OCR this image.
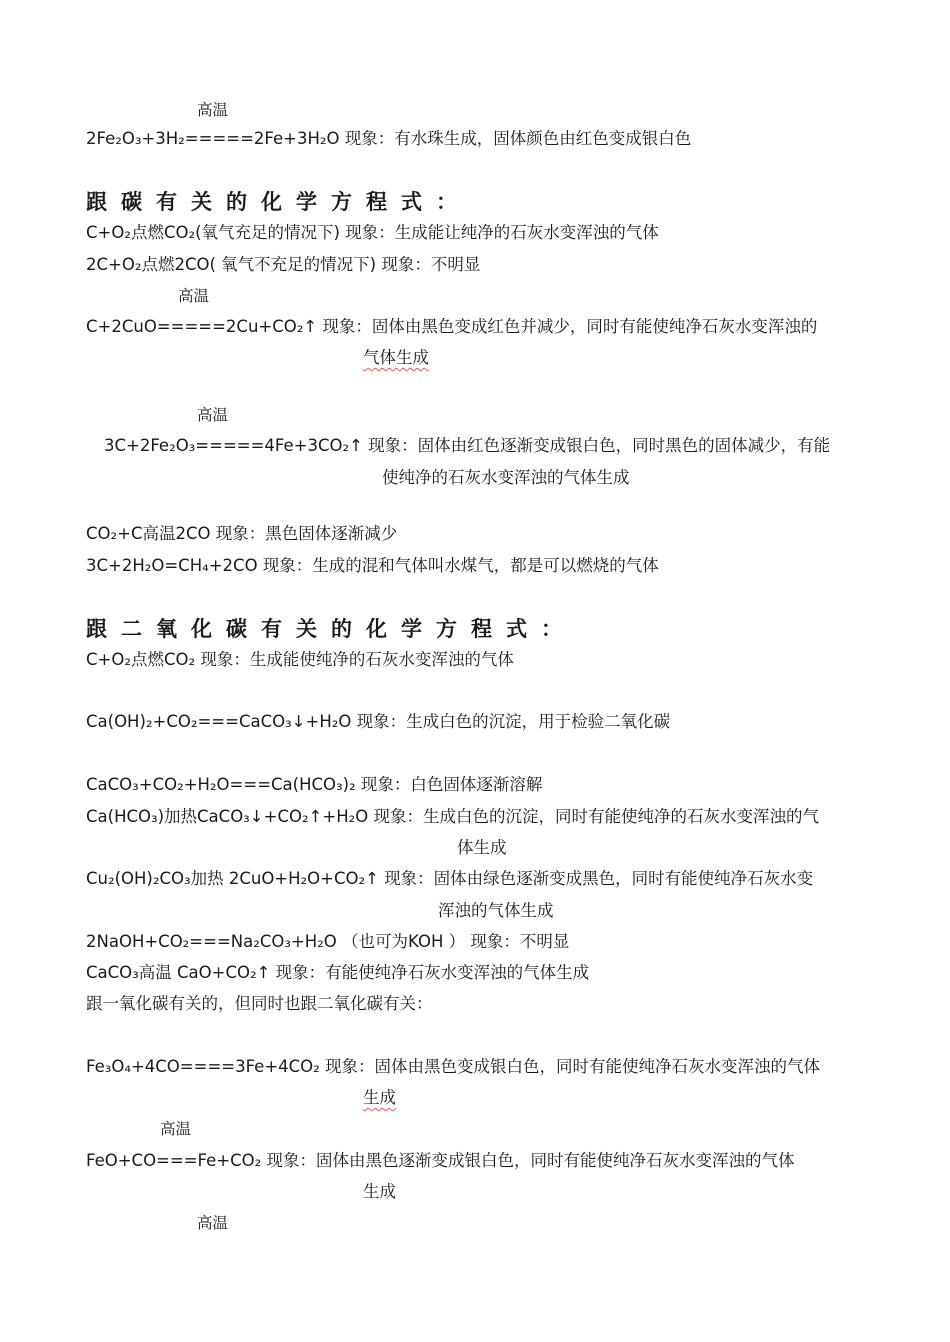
高温
2Fe₂O₃+3H₂=====2Fe+3H₂O 现象：有水珠生成，固体颜色由红色变成银白色
跟碳有关的化学方程式：
C+O₂点燃CO₂(氧气充足的情况下) 现象：生成能让纯净的石灰水变浑浊的气体
2C+O₂点燃2CO( 氧气不充足的情况下) 现象：不明显
高温
C+2CuO=====2Cu+CO₂↑ 现象：固体由黑色变成红色并减少，同时有能使纯净石灰水变浑浊的
气体生成
高温
3C+2Fe₂O₃=====4Fe+3CO₂↑ 现象：固体由红色逐渐变成银白色，同时黑色的固体减少，有能
使纯净的石灰水变浑浊的气体生成
CO₂+C高温2CO 现象：黑色固体逐渐减少
3C+2H₂O=CH₄+2CO 现象：生成的混和气体叫水煤气，都是可以燃烧的气体
跟二氧化碳有关的化学方程式：
C+O₂点燃CO₂ 现象：生成能使纯净的石灰水变浑浊的气体
Ca(OH)₂+CO₂===CaCO₃↓+H₂O 现象：生成白色的沉淀，用于检验二氧化碳
CaCO₃+CO₂+H₂O===Ca(HCO₃)₂ 现象：白色固体逐渐溶解
Ca(HCO₃)加热CaCO₃↓+CO₂↑+H₂O 现象：生成白色的沉淀，同时有能使纯净的石灰水变浑浊的气
体生成
Cu₂(OH)₂CO₃加热 2CuO+H₂O+CO₂↑ 现象：固体由绿色逐渐变成黑色，同时有能使纯净石灰水变
浑浊的气体生成
2NaOH+CO₂===Na₂CO₃+H₂O （也可为KOH ） 现象：不明显
CaCO₃高温 CaO+CO₂↑ 现象：有能使纯净石灰水变浑浊的气体生成
跟一氧化碳有关的，但同时也跟二氧化碳有关：
Fe₃O₄+4CO====3Fe+4CO₂ 现象：固体由黑色变成银白色，同时有能使纯净石灰水变浑浊的气体
生成
高温
FeO+CO===Fe+CO₂ 现象：固体由黑色逐渐变成银白色，同时有能使纯净石灰水变浑浊的气体
生成
高温
